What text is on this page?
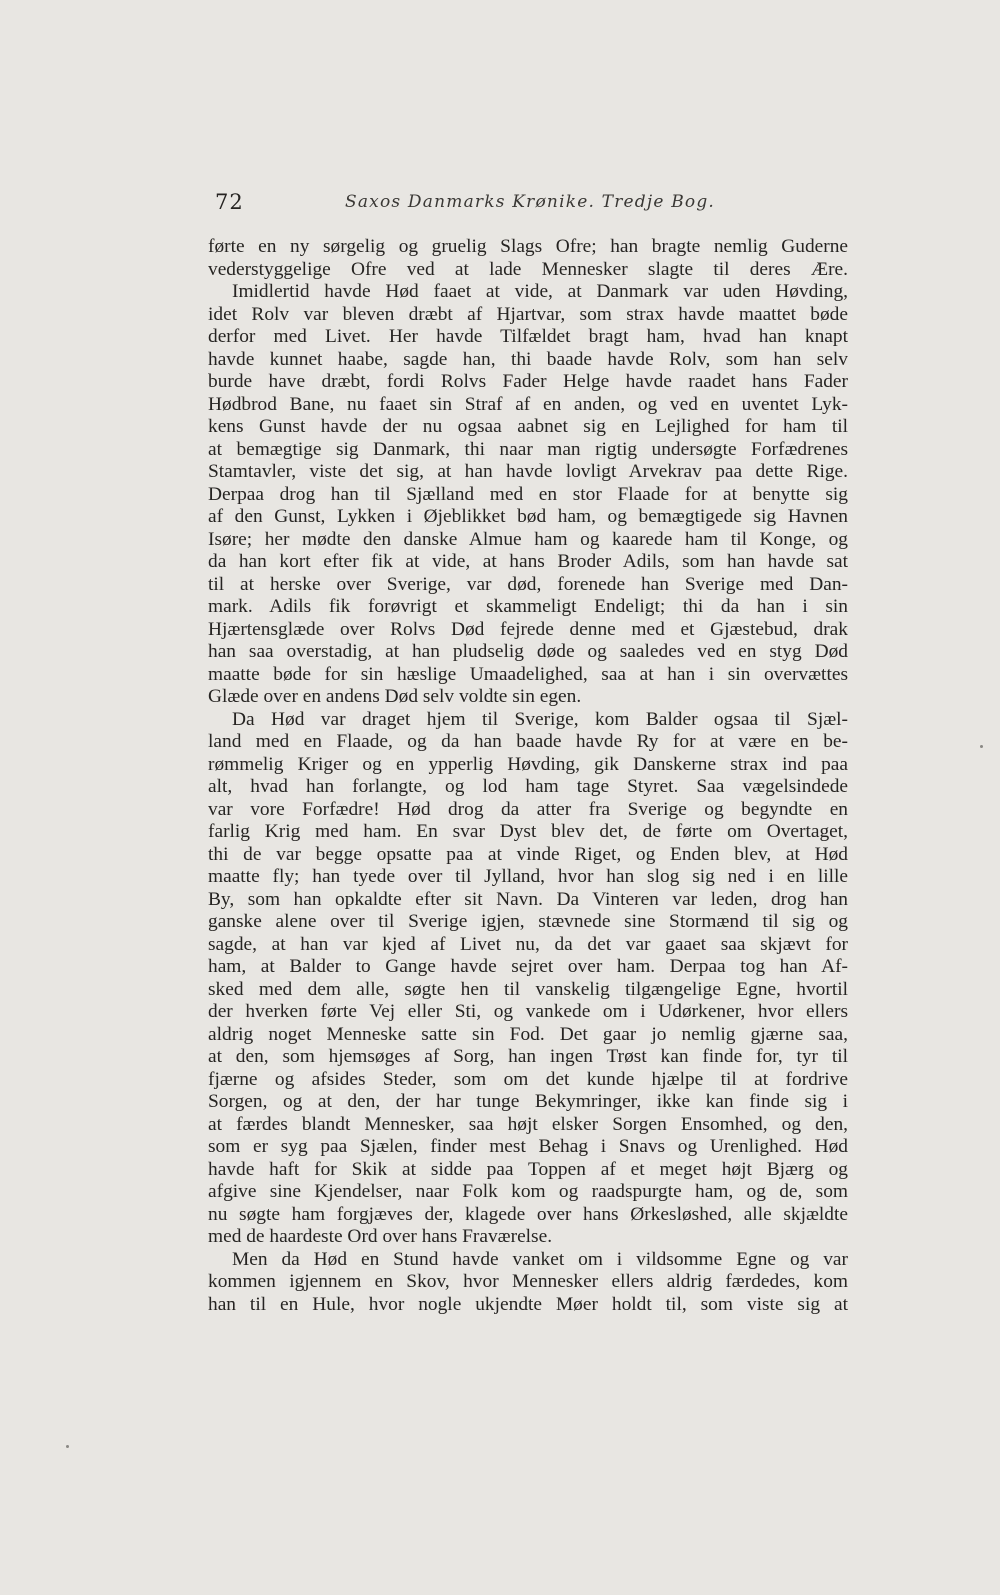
72	Saxos Danmarks Krønike. Tredje Bog.
førte en ny sørgelig og gruelig Slags Ofre; han bragte nemlig Guderne
vederstyggelige Ofre ved at lade Mennesker slagte til deres Ære.
Imidlertid havde Hød faaet at vide, at Danmark var uden Høvding,
idet Rolv var bleven dræbt af Hjartvar, som strax havde maattet bøde
derfor med Livet. Her havde Tilfældet bragt ham, hvad han knapt
havde kunnet haabe, sagde han, thi baade havde Rolv, som han selv
burde have dræbt, fordi Rolvs Fader Helge havde raadet hans Fader
Hødbrod Bane, nu faaet sin Straf af en anden, og ved en uventet Lyk-
kens Gunst havde der nu ogsaa aabnet sig en Lejlighed for ham til
at bemægtige sig Danmark, thi naar man rigtig undersøgte Forfædrenes
Stamtavler, viste det sig, at han havde lovligt Arvekrav paa dette Rige.
Derpaa drog han til Sjælland med en stor Flaade for at benytte sig
af den Gunst, Lykken i Øjeblikket bød ham, og bemægtigede sig Havnen
Isøre; her mødte den danske Almue ham og kaarede ham til Konge, og
da han kort efter fik at vide, at hans Broder Adils, som han havde sat
til at herske over Sverige, var død, forenede han Sverige med Dan-
mark. Adils fik forøvrigt et skammeligt Endeligt; thi da han i sin
Hjærtensglæde over Rolvs Død fejrede denne med et Gjæstebud, drak
han saa overstadig, at han pludselig døde og saaledes ved en styg Død
maatte bøde for sin hæslige Umaadelighed, saa at han i sin overvættes
Glæde over en andens Død selv voldte sin egen.
Da Hød var draget hjem til Sverige, kom Balder ogsaa til Sjæl-
land med en Flaade, og da han baade havde Ry for at være en be-
rømmelig Kriger og en ypperlig Høvding, gik Danskerne strax ind paa
alt, hvad han forlangte, og lod ham tage Styret. Saa vægelsindede
var vore Forfædre! Hød drog da atter fra Sverige og begyndte en
farlig Krig med ham. En svar Dyst blev det, de førte om Overtaget,
thi de var begge opsatte paa at vinde Riget, og Enden blev, at Hød
maatte fly; han tyede over til Jylland, hvor han slog sig ned i en lille
By, som han opkaldte efter sit Navn. Da Vinteren var leden, drog han
ganske alene over til Sverige igjen, stævnede sine Stormænd til sig og
sagde, at han var kjed af Livet nu, da det var gaaet saa skjævt for
ham, at Balder to Gange havde sejret over ham. Derpaa tog han Af-
sked med dem alle, søgte hen til vanskelig tilgængelige Egne, hvortil
der hverken førte Vej eller Sti, og vankede om i Udørkener, hvor ellers
aldrig noget Menneske satte sin Fod. Det gaar jo nemlig gjærne saa,
at den, som hjemsøges af Sorg, han ingen Trøst kan finde for, tyr til
fjærne og afsides Steder, som om det kunde hjælpe til at fordrive
Sorgen, og at den, der har tunge Bekymringer, ikke kan finde sig i
at færdes blandt Mennesker, saa højt elsker Sorgen Ensomhed, og den,
som er syg paa Sjælen, finder mest Behag i Snavs og Urenlighed. Hød
havde haft for Skik at sidde paa Toppen af et meget højt Bjærg og
afgive sine Kjendelser, naar Folk kom og raadspurgte ham, og de, som
nu søgte ham forgjæves der, klagede over hans Ørkesløshed, alle skjældte
med de haardeste Ord over hans Fraværelse.
Men da Hød en Stund havde vanket om i vildsomme Egne og var
kommen igjennem en Skov, hvor Mennesker ellers aldrig færdedes, kom
han til en Hule, hvor nogle ukjendte Møer holdt til, som viste sig at
